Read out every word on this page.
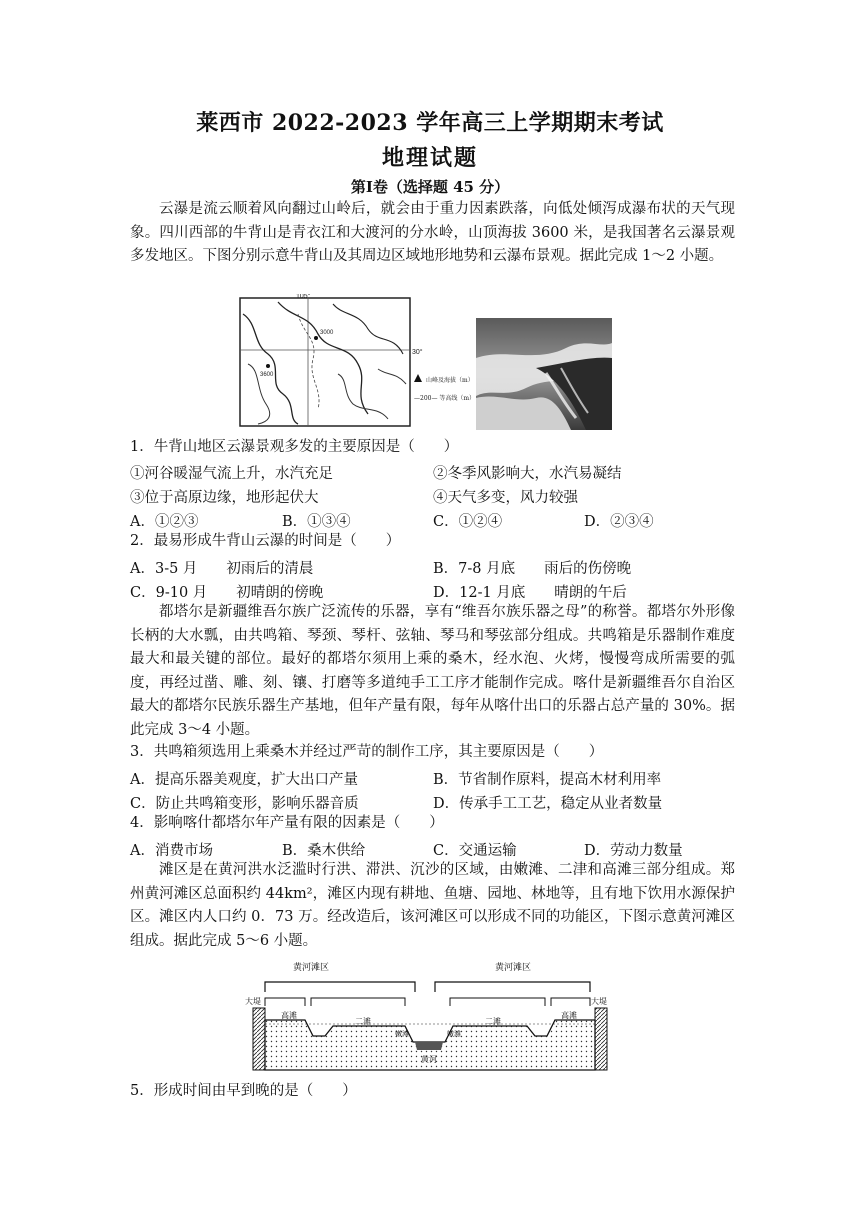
莱西市 2022-2023 学年高三上学期期末考试
地理试题
第Ⅰ卷（选择题 45 分）

云瀑是流云顺着风向翻过山岭后，就会由于重力因素跌落，向低处倾泻成瀑布状的天气现象。四川西部的牛背山是青衣江和大渡河的分水岭，山顶海拔 3600 米，是我国著名云瀑景观多发地区。下图分别示意牛背山及其周边区域地形地势和云瀑布景观。据此完成 1～2 小题。

105°
30°
3600
3000
山峰及海拔（m）
—200— 等高线（m）

1．牛背山地区云瀑景观多发的主要原因是（　　）

①河谷暖湿气流上升，水汽充足	②冬季风影响大，水汽易凝结
③位于高原边缘，地形起伏大	④天气多变，风力较强
A．①②③	B．①③④	C．①②④	D．②③④

2．最易形成牛背山云瀑的时间是（　　）

A．3-5 月　　初雨后的清晨	B．7-8 月底　　雨后的伤傍晚
C．9-10 月　　初晴朗的傍晚	D．12-1 月底　　晴朗的午后

都塔尔是新疆维吾尔族广泛流传的乐器，享有“维吾尔族乐器之母”的称誉。都塔尔外形像长柄的大水瓢，由共鸣箱、琴颈、琴杆、弦轴、琴马和琴弦部分组成。共鸣箱是乐器制作难度最大和最关键的部位。最好的都塔尔须用上乘的桑木，经水泡、火烤，慢慢弯成所需要的弧度，再经过凿、雕、刻、镶、打磨等多道纯手工工序才能制作完成。喀什是新疆维吾尔自治区最大的都塔尔民族乐器生产基地，但年产量有限，每年从喀什出口的乐器占总产量的 30%。据此完成 3～4 小题。

3．共鸣箱须选用上乘桑木并经过严苛的制作工序，其主要原因是（　　）

A．提高乐器美观度，扩大出口产量	B．节省制作原料，提高木材利用率
C．防止共鸣箱变形，影响乐器音质	D．传承手工工艺，稳定从业者数量

4．影响喀什都塔尔年产量有限的因素是（　　）

A．消费市场	B．桑木供给	C．交通运输	D．劳动力数量

滩区是在黄河洪水泛滥时行洪、滞洪、沉沙的区域，由嫩滩、二津和高滩三部分组成。郑州黄河滩区总面积约 44km²，滩区内现有耕地、鱼塘、园地、林地等，且有地下饮用水源保护区。滩区内人口约 0．73 万。经改造后，该河滩区可以形成不同的功能区，下图示意黄河滩区组成。据此完成 5～6 小题。

黄河滩区	黄河滩区
大堤	大堤
高滩
二滩
嫩滩	嫩滩
二滩
高滩
黄河

5．形成时间由早到晚的是（　　）
